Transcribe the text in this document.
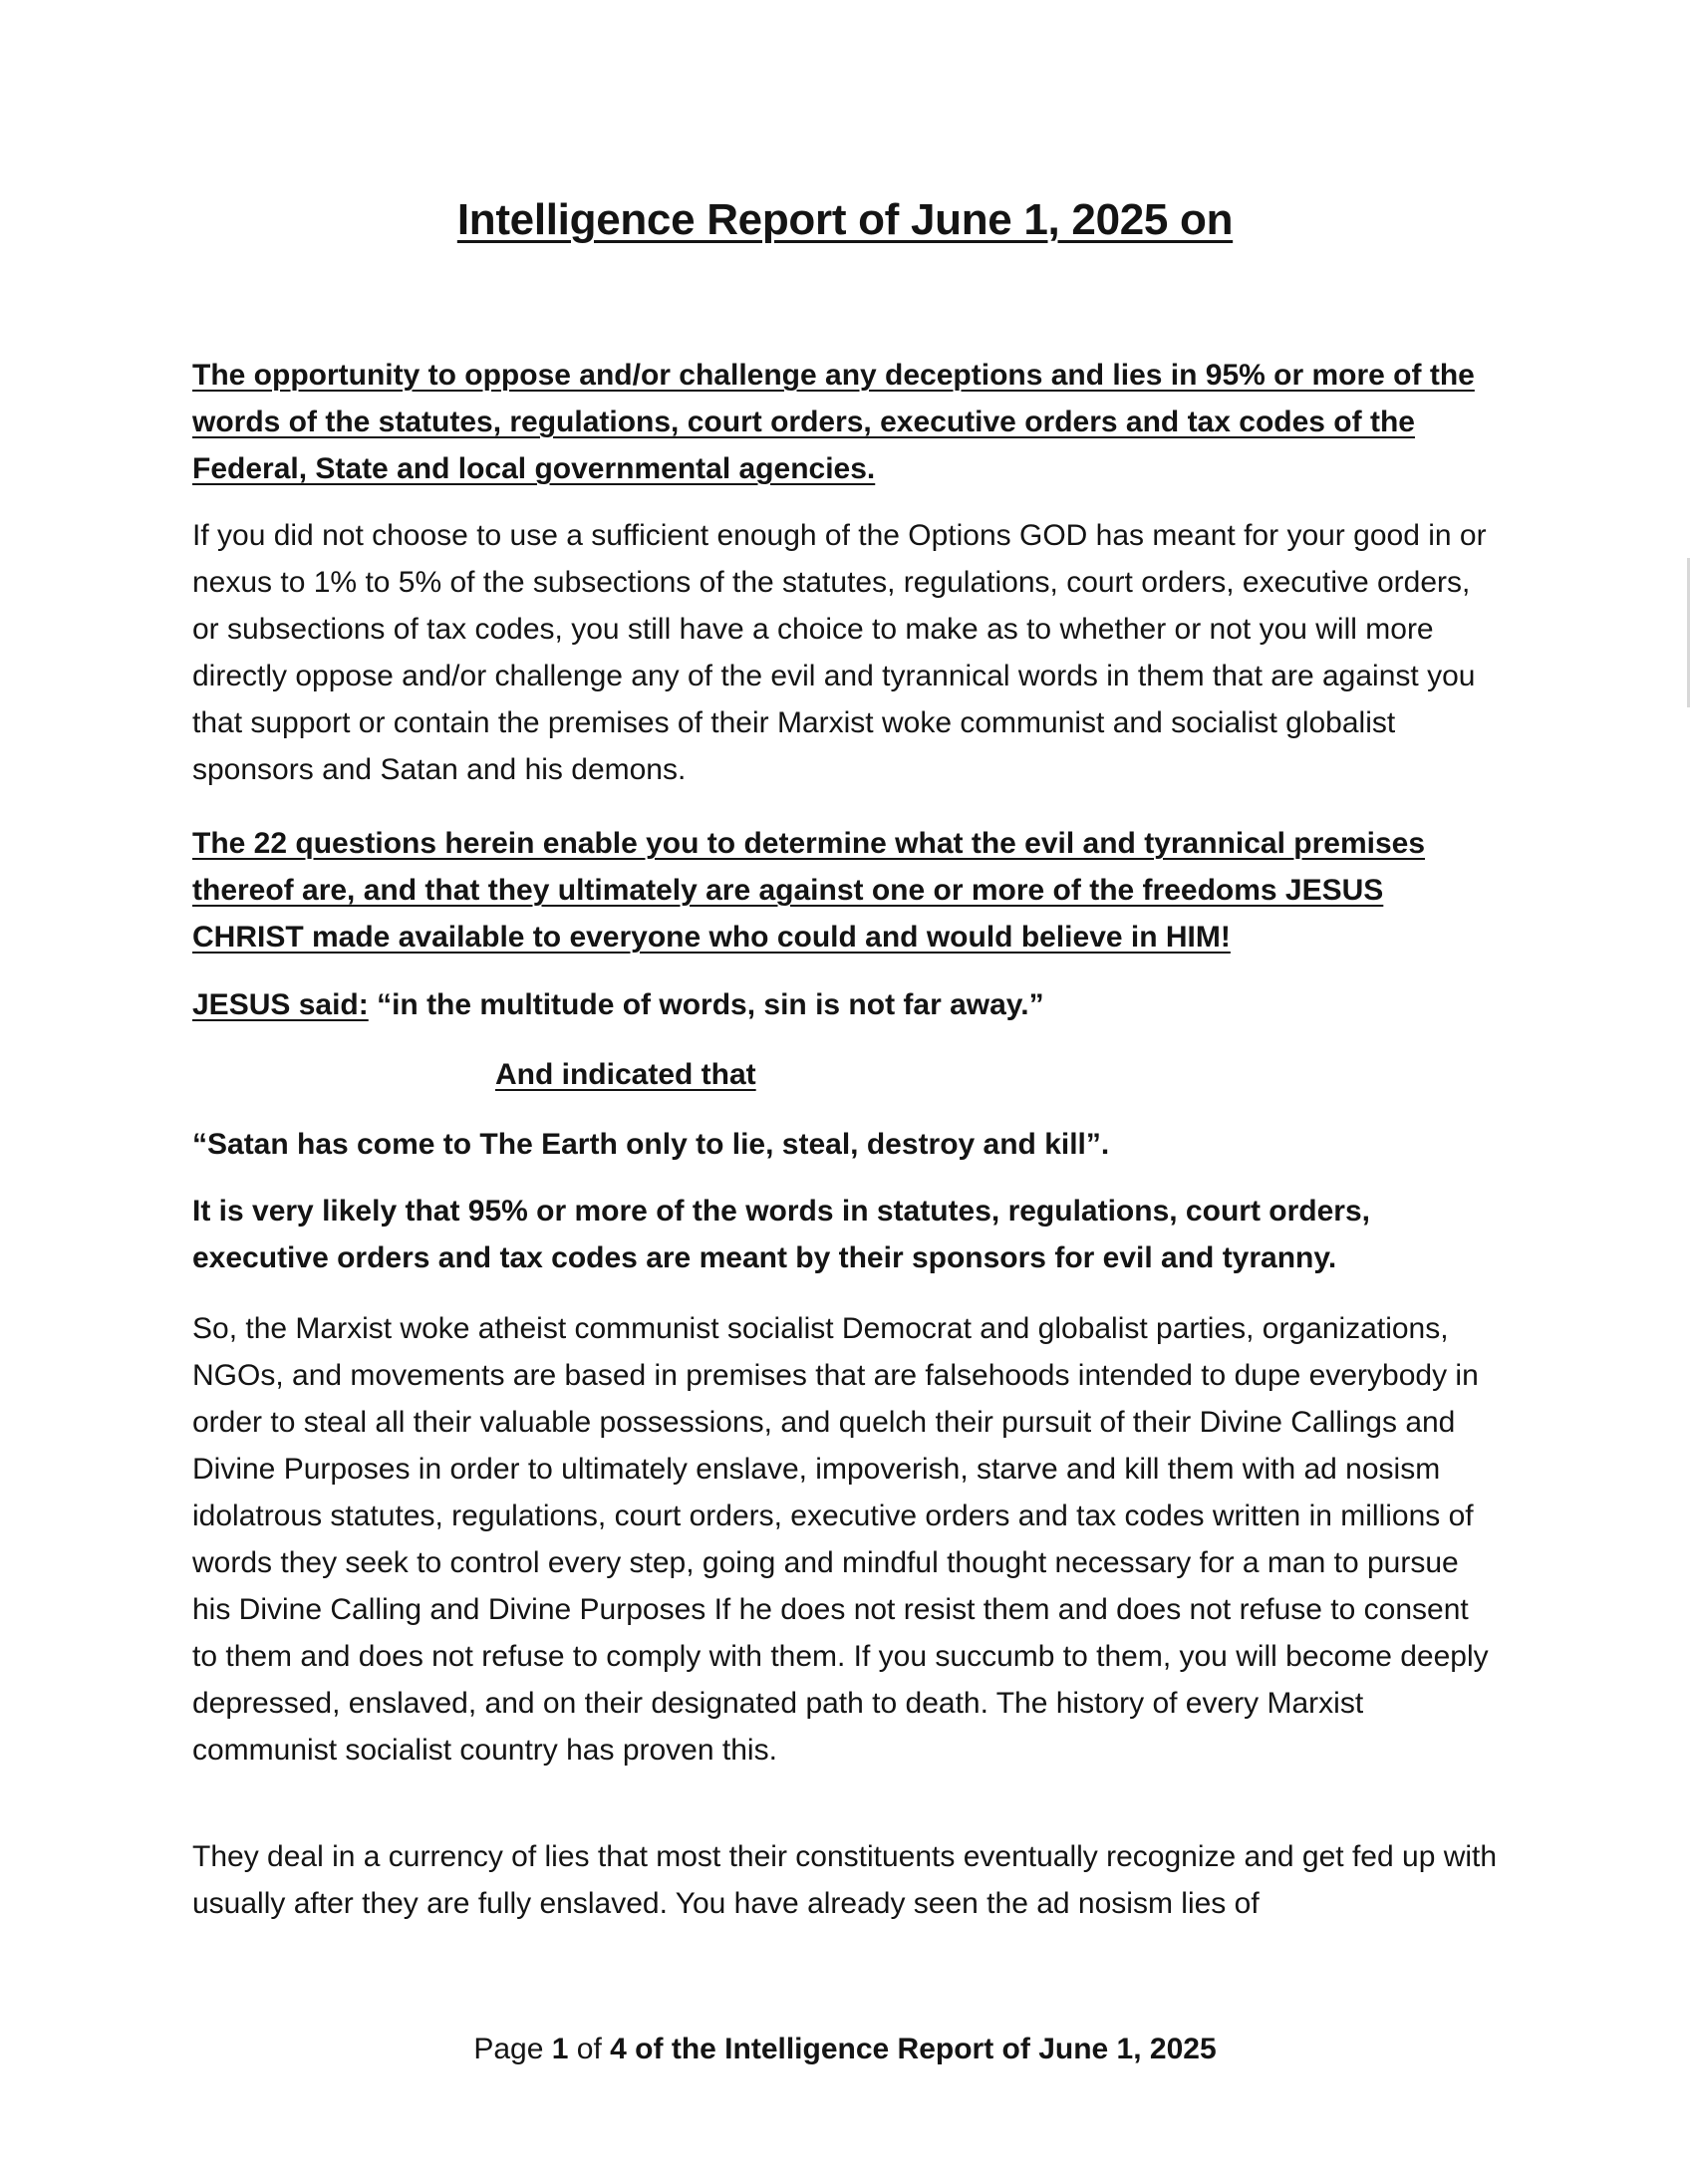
Intelligence Report of June 1, 2025 on
The opportunity to oppose and/or challenge any deceptions and lies in 95% or more of the words of the statutes, regulations, court orders, executive orders and tax codes of the Federal, State and local governmental agencies.
If you did not choose to use a sufficient enough of the Options GOD has meant for your good in or nexus to 1% to 5% of the subsections of the statutes, regulations, court orders, executive orders, or subsections of tax codes, you still have a choice to make as to whether or not you will more directly oppose and/or challenge any of the evil and tyrannical words in them that are against you that support or contain the premises of their Marxist woke communist and socialist globalist sponsors and Satan and his demons.
The 22 questions herein enable you to determine what the evil and tyrannical premises thereof are, and that they ultimately are against one or more of the freedoms JESUS CHRIST made available to everyone who could and would believe in HIM!
JESUS said: “in the multitude of words, sin is not far away.”
And indicated that
“Satan has come to The Earth only to lie, steal, destroy and kill”.
It is very likely that 95% or more of the words in statutes, regulations, court orders, executive orders and tax codes are meant by their sponsors for evil and tyranny.
So, the Marxist woke atheist communist socialist Democrat and globalist parties, organizations, NGOs, and movements are based in premises that are falsehoods intended to dupe everybody in order to steal all their valuable possessions, and quelch their pursuit of their Divine Callings and Divine Purposes in order to ultimately enslave, impoverish, starve and kill them with ad nosism idolatrous statutes, regulations, court orders, executive orders and tax codes written in millions of words they seek to control every step, going and mindful thought necessary for a man to pursue his Divine Calling and Divine Purposes If he does not resist them and does not refuse to consent to them and does not refuse to comply with them. If you succumb to them, you will become deeply depressed, enslaved, and on their designated path to death. The history of every Marxist communist socialist country has proven this.
They deal in a currency of lies that most their constituents eventually recognize and get fed up with usually after they are fully enslaved. You have already seen the ad nosism lies of
Page 1 of 4 of the Intelligence Report of June 1, 2025
